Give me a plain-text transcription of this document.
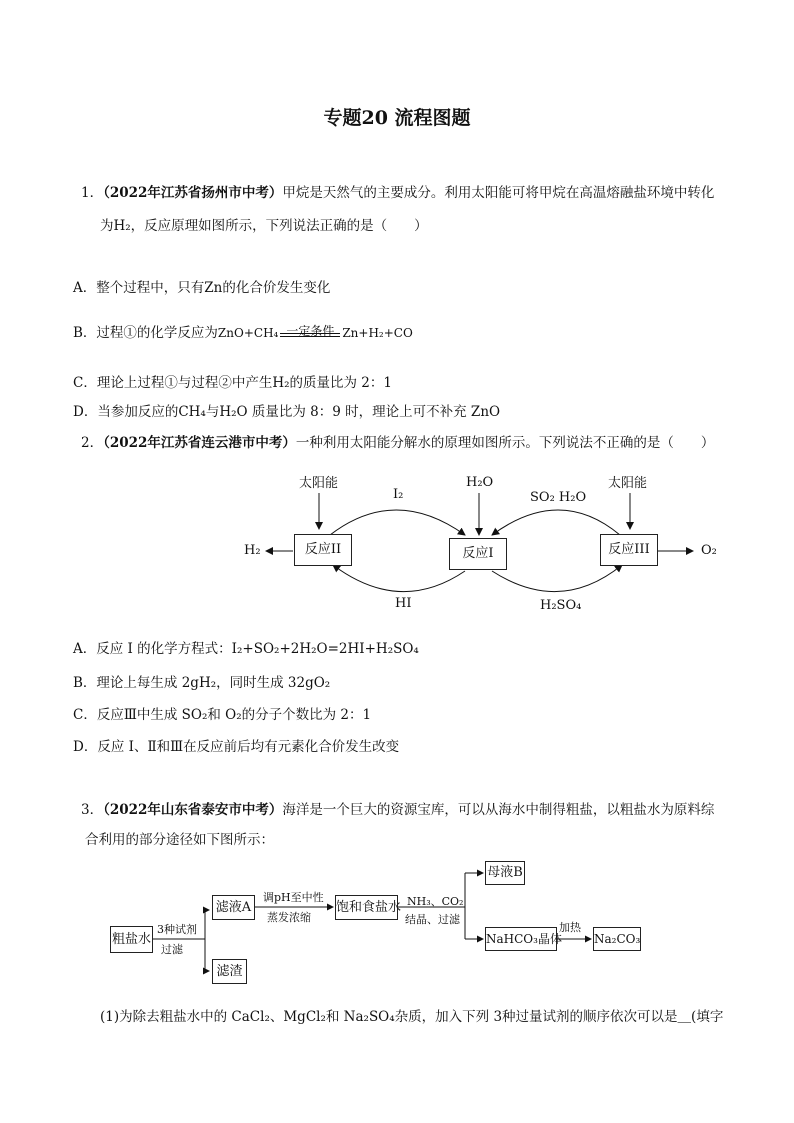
专题20 流程图题
1．（2022年江苏省扬州市中考）甲烷是天然气的主要成分。利用太阳能可将甲烷在高温熔融盐环境中转化
为H₂，反应原理如图所示，下列说法正确的是（　　）
A．整个过程中，只有Zn的化合价发生变化
B．过程①的化学反应为ZnO+CH₄ 一定条件 Zn+H₂+CO
C．理论上过程①与过程②中产生H₂的质量比为 2：1
D．当参加反应的CH₄与H₂O 质量比为 8：9 时，理论上可不补充 ZnO
2．（2022年江苏省连云港市中考）一种利用太阳能分解水的原理如图所示。下列说法不正确的是（　　）
太阳能	H₂O	太阳能
I₂	SO₂ H₂O
H₂	O₂
反应II	反应I	反应III
HI	H₂SO₄
A．反应 I 的化学方程式：I₂+SO₂+2H₂O=2HI+H₂SO₄
B．理论上每生成 2gH₂，同时生成 32gO₂
C．反应Ⅲ中生成 SO₂和 O₂的分子个数比为 2：1
D．反应 I、Ⅱ和Ⅲ在反应前后均有元素化合价发生改变
3．（2022年山东省泰安市中考）海洋是一个巨大的资源宝库，可以从海水中制得粗盐，以粗盐水为原料综
合利用的部分途径如下图所示：
粗盐水
3种试剂
过滤
滤液A
滤渣
调pH至中性
蒸发浓缩
饱和食盐水 NH₃、CO₂
结晶、过滤
母液B
NaHCO₃晶体
加热
Na₂CO₃
(1)为除去粗盐水中的 CaCl₂、MgCl₂和 Na₂SO₄杂质，加入下列 3种过量试剂的顺序依次可以是＿(填字
